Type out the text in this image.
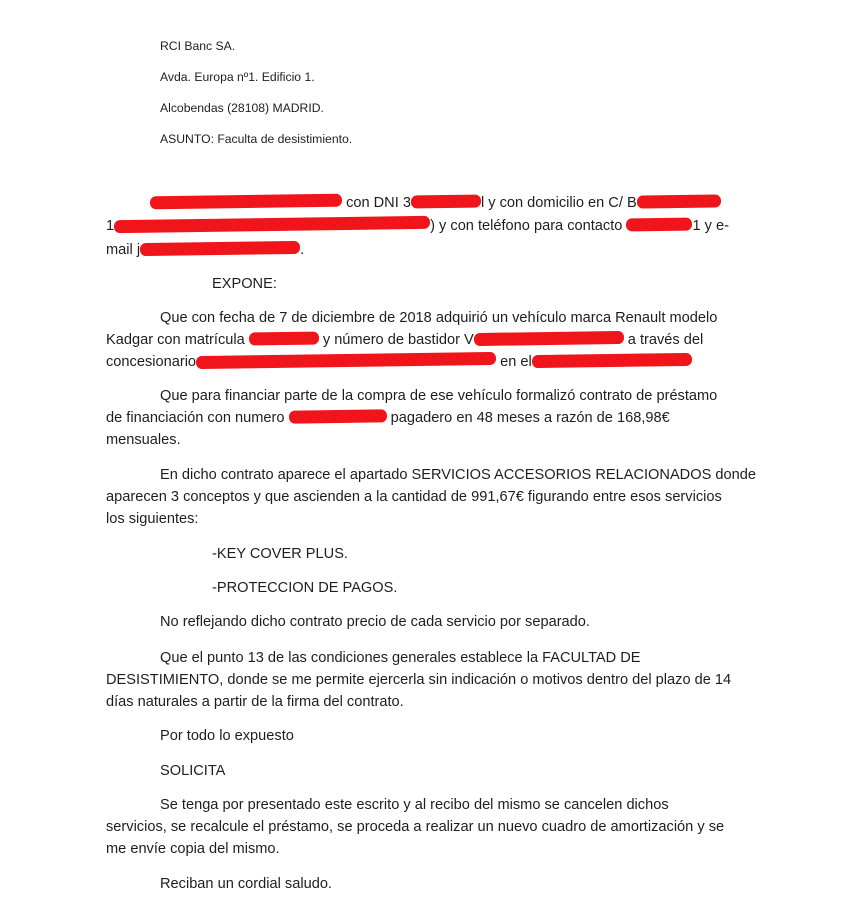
RCI Banc SA.
Avda. Europa nº1. Edificio 1.
Alcobendas (28108) MADRID.
ASUNTO: Faculta de desistimiento.
con DNI 3	l y con domicilio en C/ B
1	) y con teléfono para contacto	1 y e-
mail j	.
EXPONE:
Que con fecha de 7 de diciembre de 2018 adquirió un vehículo marca Renault modelo
Kadgar con matrícula	y número de bastidor V	a través del
concesionario	en el
Que para financiar parte de la compra de ese vehículo formalizó contrato de préstamo
de financiación con numero	pagadero en 48 meses a razón de 168,98€
mensuales.
En dicho contrato aparece el apartado SERVICIOS ACCESORIOS RELACIONADOS donde
aparecen 3 conceptos y que ascienden a la cantidad de 991,67€ figurando entre esos servicios
los siguientes:
-KEY COVER PLUS.
-PROTECCION DE PAGOS.
No reflejando dicho contrato precio de cada servicio por separado.
Que el punto 13 de las condiciones generales establece la FACULTAD DE
DESISTIMIENTO, donde se me permite ejercerla sin indicación o motivos dentro del plazo de 14
días naturales a partir de la firma del contrato.
Por todo lo expuesto
SOLICITA
Se tenga por presentado este escrito y al recibo del mismo se cancelen dichos
servicios, se recalcule el préstamo, se proceda a realizar un nuevo cuadro de amortización y se
me envíe copia del mismo.
Reciban un cordial saludo.
